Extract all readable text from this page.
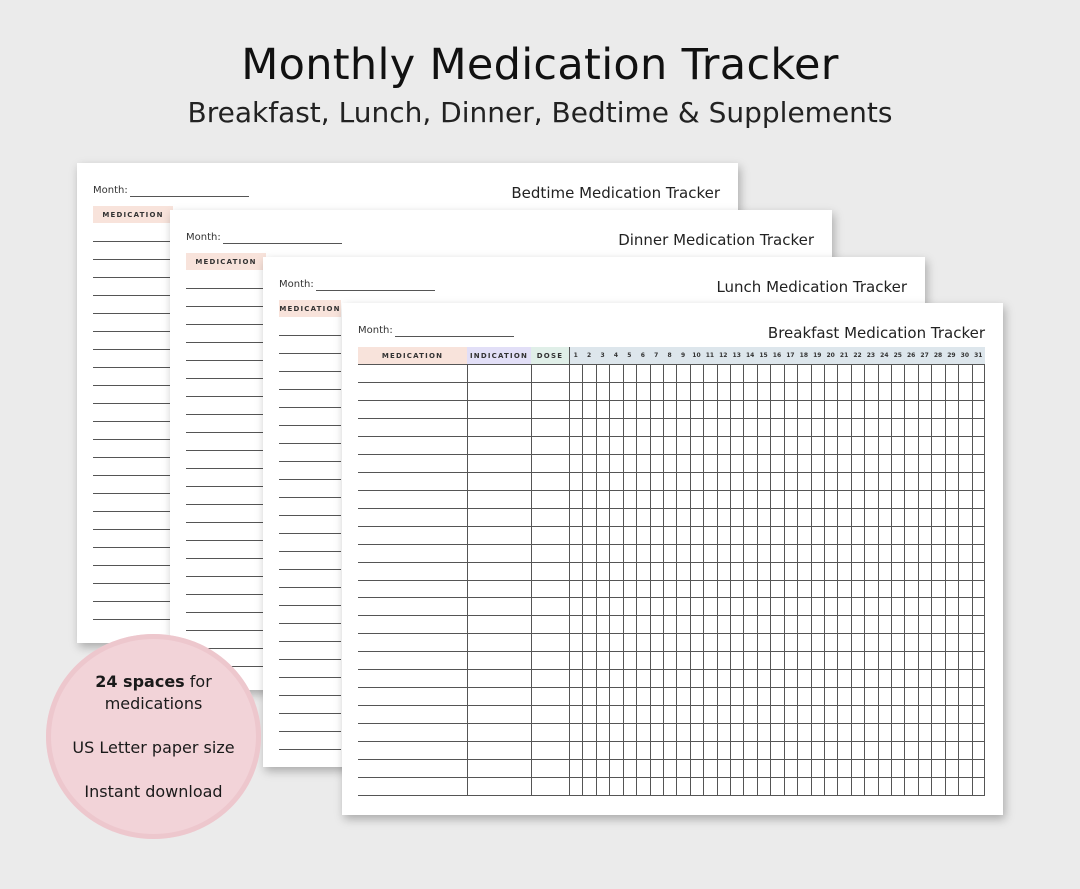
Monthly Medication Tracker
Breakfast, Lunch, Dinner, Bedtime & Supplements
Month:	Bedtime Medication Tracker
MEDICATION
Month:	Dinner Medication Tracker
MEDICATION
Month:	Lunch Medication Tracker
MEDICATION
Month:	Breakfast Medication Tracker
MEDICATION	INDICATION DOSE	1	2	3	4	5	6	7	8	9	10 11 12 13 14 15 16 17 18 19 20 21 22 23 24 25 26 27 28 29 30 31

24 spaces for

medications

US Letter paper size

Instant download
